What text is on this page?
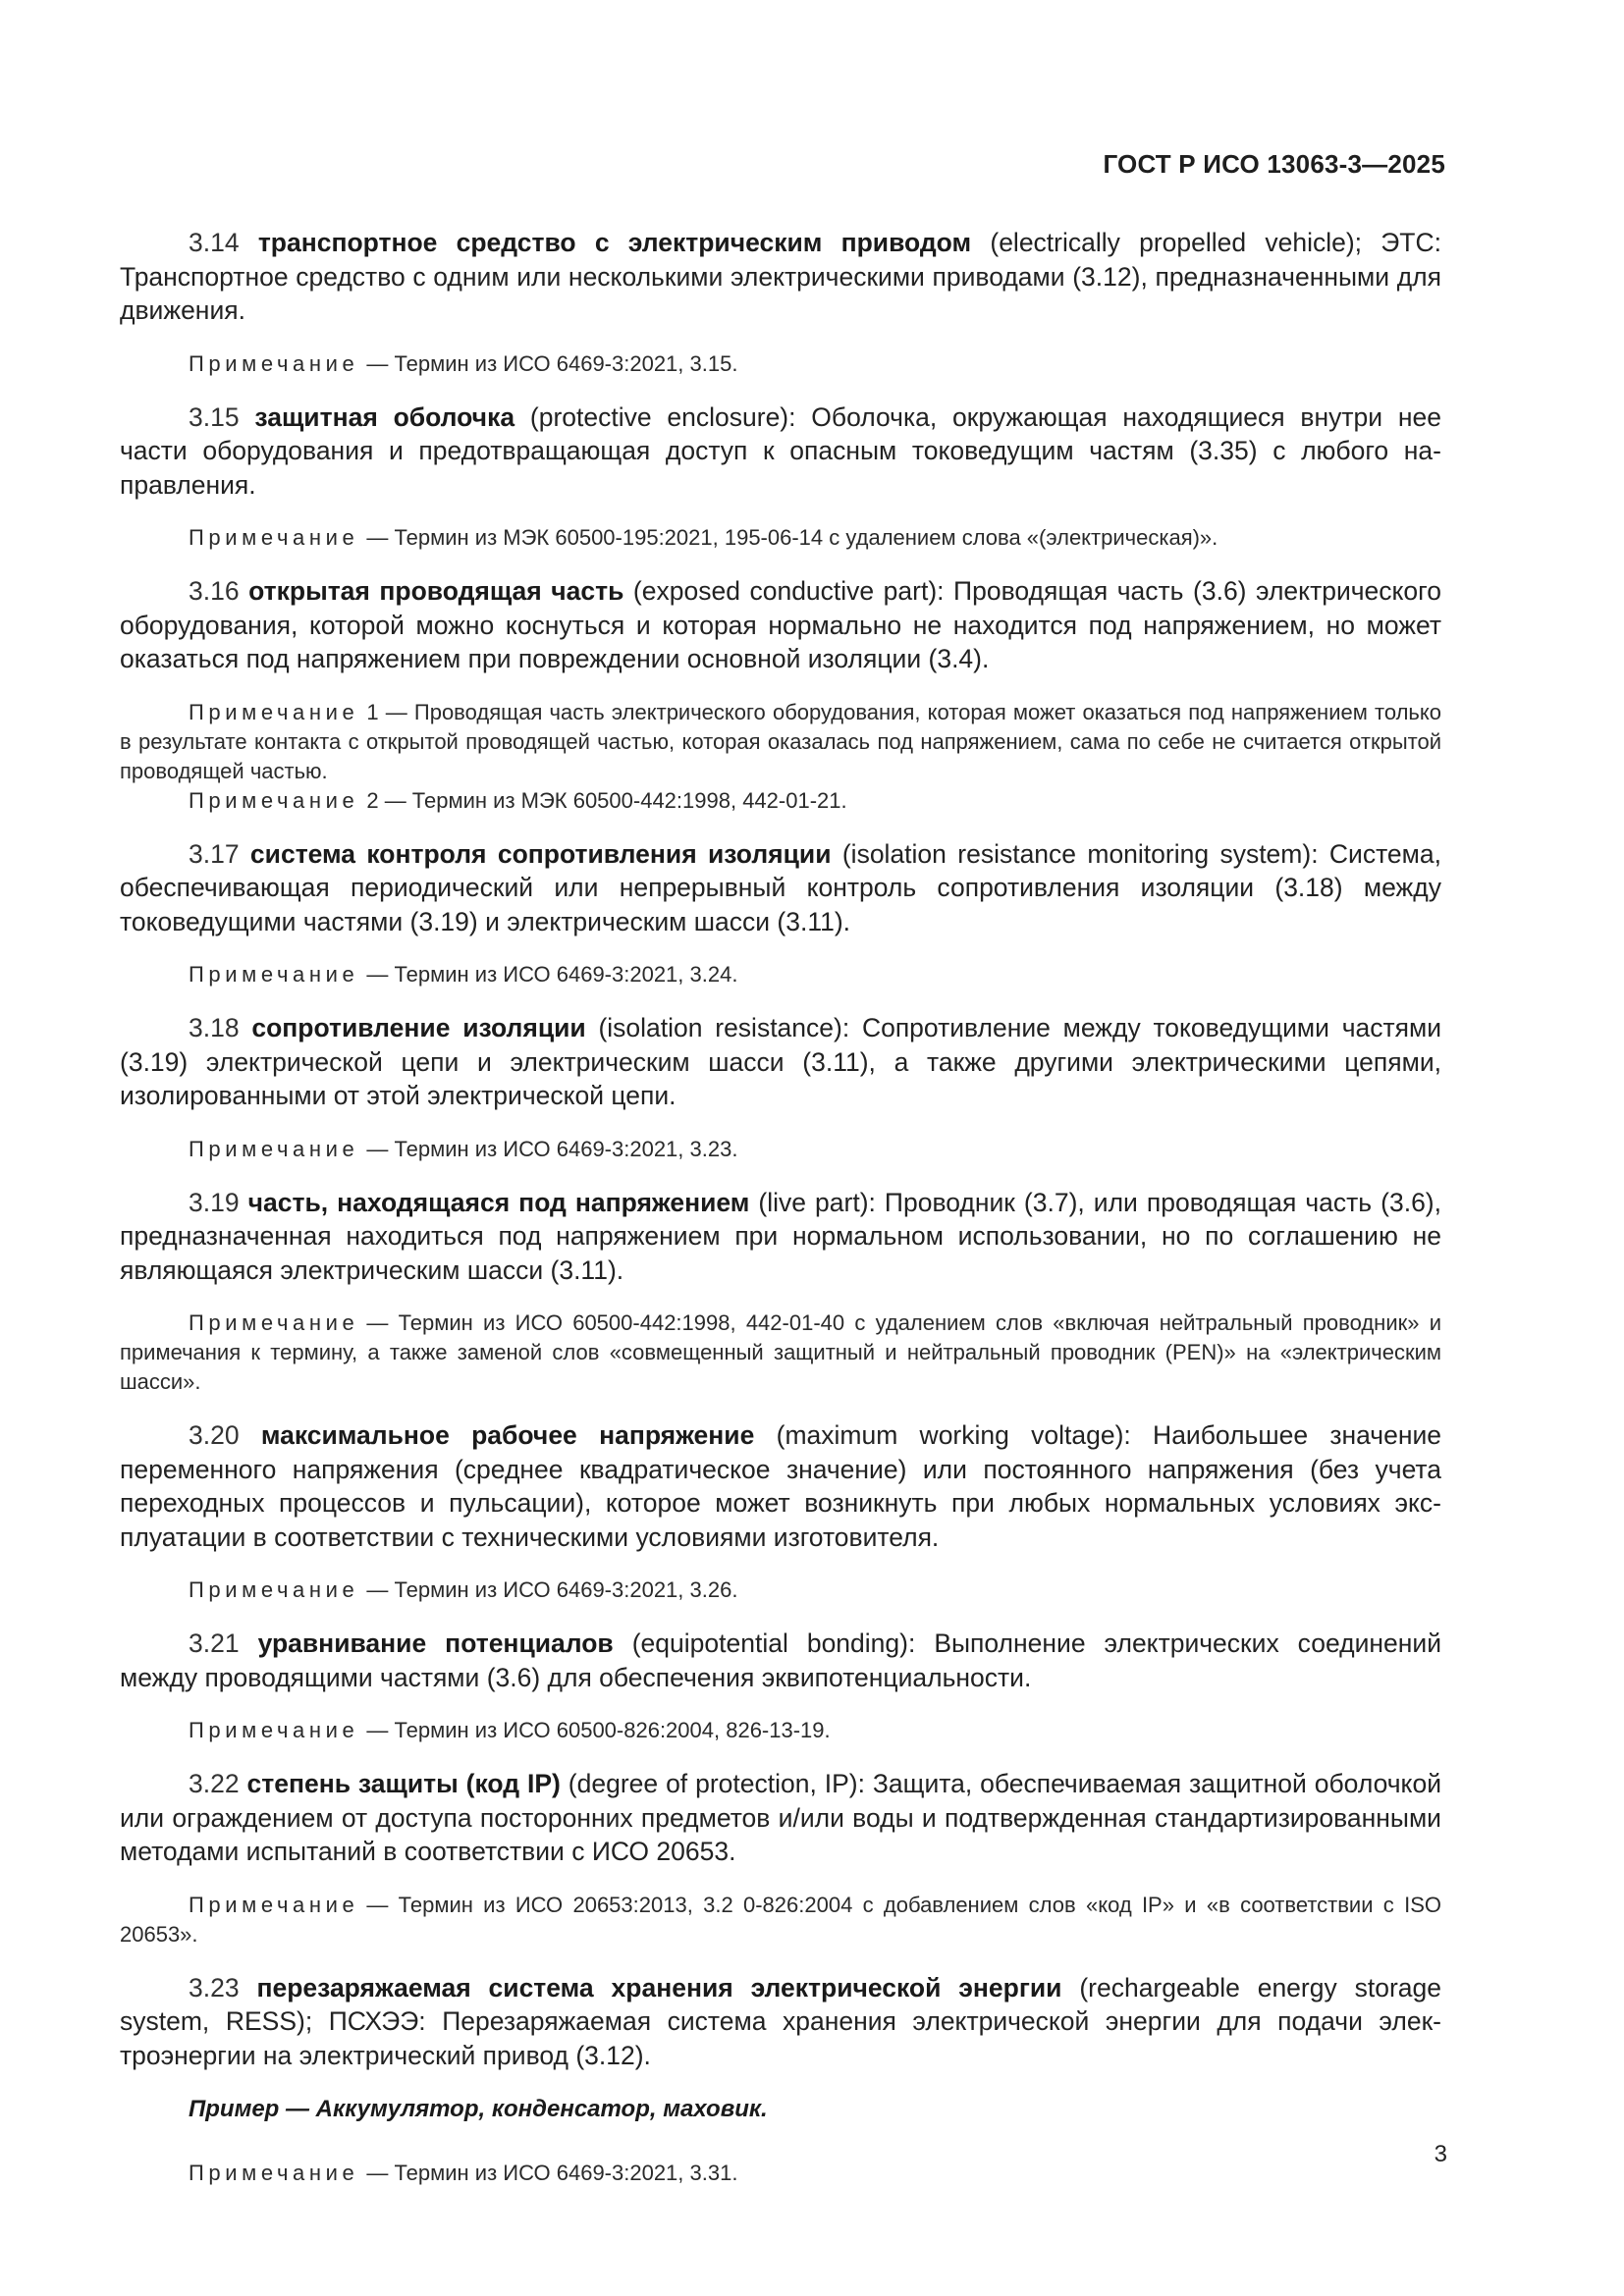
ГОСТ Р ИСО 13063-3—2025

3.14 транспортное средство с электрическим приводом (electrically propelled vehicle); ЭТС: Транспортное средство с одним или несколькими электрическими приводами (3.12), предназначенными для движения.

Примечание — Термин из ИСО 6469-3:2021, 3.15.

3.15 защитная оболочка (protective enclosure): Оболочка, окружающая находящиеся внутри нее части оборудования и предотвращающая доступ к опасным токоведущим частям (3.35) с любого направления.

Примечание — Термин из МЭК 60500-195:2021, 195-06-14 с удалением слова «(электрическая)».

3.16 открытая проводящая часть (exposed conductive part): Проводящая часть (3.6) электрического оборудования, которой можно коснуться и которая нормально не находится под напряжением, но может оказаться под напряжением при повреждении основной изоляции (3.4).

Примечание 1 — Проводящая часть электрического оборудования, которая может оказаться под напряжением только в результате контакта с открытой проводящей частью, которая оказалась под напряжением, сама по себе не считается открытой проводящей частью.

Примечание 2 — Термин из МЭК 60500-442:1998, 442-01-21.

3.17 система контроля сопротивления изоляции (isolation resistance monitoring system): Система, обеспечивающая периодический или непрерывный контроль сопротивления изоляции (3.18) между токоведущими частями (3.19) и электрическим шасси (3.11).

Примечание — Термин из ИСО 6469-3:2021, 3.24.

3.18 сопротивление изоляции (isolation resistance): Сопротивление между токоведущими частями (3.19) электрической цепи и электрическим шасси (3.11), а также другими электрическими цепями, изолированными от этой электрической цепи.

Примечание — Термин из ИСО 6469-3:2021, 3.23.

3.19 часть, находящаяся под напряжением (live part): Проводник (3.7), или проводящая часть (3.6), предназначенная находиться под напряжением при нормальном использовании, но по соглашению не являющаяся электрическим шасси (3.11).

Примечание — Термин из ИСО 60500-442:1998, 442-01-40 с удалением слов «включая нейтральный проводник» и примечания к термину, а также заменой слов «совмещенный защитный и нейтральный проводник (PEN)» на «электрическим шасси».

3.20 максимальное рабочее напряжение (maximum working voltage): Наибольшее значение переменного напряжения (среднее квадратическое значение) или постоянного напряжения (без учета переходных процессов и пульсации), которое может возникнуть при любых нормальных условиях эксплуатации в соответствии с техническими условиями изготовителя.

Примечание — Термин из ИСО 6469-3:2021, 3.26.

3.21 уравнивание потенциалов (equipotential bonding): Выполнение электрических соединений между проводящими частями (3.6) для обеспечения эквипотенциальности.

Примечание — Термин из ИСО 60500-826:2004, 826-13-19.

3.22 степень защиты (код IP) (degree of protection, IP): Защита, обеспечиваемая защитной оболочкой или ограждением от доступа посторонних предметов и/или воды и подтвержденная стандартизированными методами испытаний в соответствии с ИСО 20653.

Примечание — Термин из ИСО 20653:2013, 3.2 0-826:2004 с добавлением слов «код IP» и «в соответствии с ISO 20653».

3.23 перезаряжаемая система хранения электрической энергии (rechargeable energy storage system, RESS); ПСХЭЭ: Перезаряжаемая система хранения электрической энергии для подачи электроэнергии на электрический привод (3.12).

Пример — Аккумулятор, конденсатор, маховик.

Примечание — Термин из ИСО 6469-3:2021, 3.31.

3
